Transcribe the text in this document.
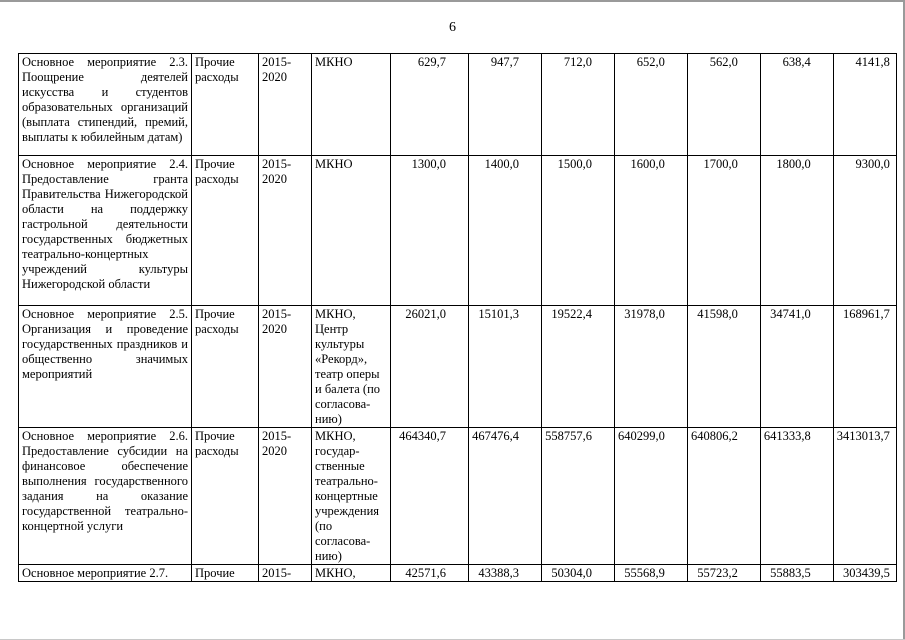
6
Основное мероприятие 2.3. Поощрение деятелей искусства и студентов образовательных организаций (выплата стипендий, премий, выплаты к юбилейным датам)	Прочие расходы	2015-2020	МКНО	629,7	947,7	712,0	652,0	562,0	638,4	4141,8
Основное мероприятие 2.4. Предоставление гранта Правительства Нижегородской области на поддержку гастрольной деятельности государственных бюджетных театрально-концертных учреждений культуры Нижегородской области	Прочие расходы	2015-2020	МКНО	1300,0	1400,0	1500,0	1600,0	1700,0	1800,0	9300,0
Основное мероприятие 2.5. Организация и проведение государственных праздников и общественно значимых мероприятий	Прочие расходы	2015-2020	МКНО, Центр культуры «Рекорд», театр оперы и балета (по согласова-нию)	26021,0	15101,3	19522,4	31978,0	41598,0	34741,0	168961,7
Основное мероприятие 2.6. Предоставление субсидии на финансовое обеспечение выполнения государственного задания на оказание государственной театрально-концертной услуги	Прочие расходы	2015-2020	МКНО, государ-ственные театрально-концертные учреждения (по согласова-нию)	464340,7	467476,4	558757,6	640299,0	640806,2	641333,8	3413013,7
Основное мероприятие 2.7.	Прочие	2015-	МКНО,	42571,6	43388,3	50304,0	55568,9	55723,2	55883,5	303439,5
